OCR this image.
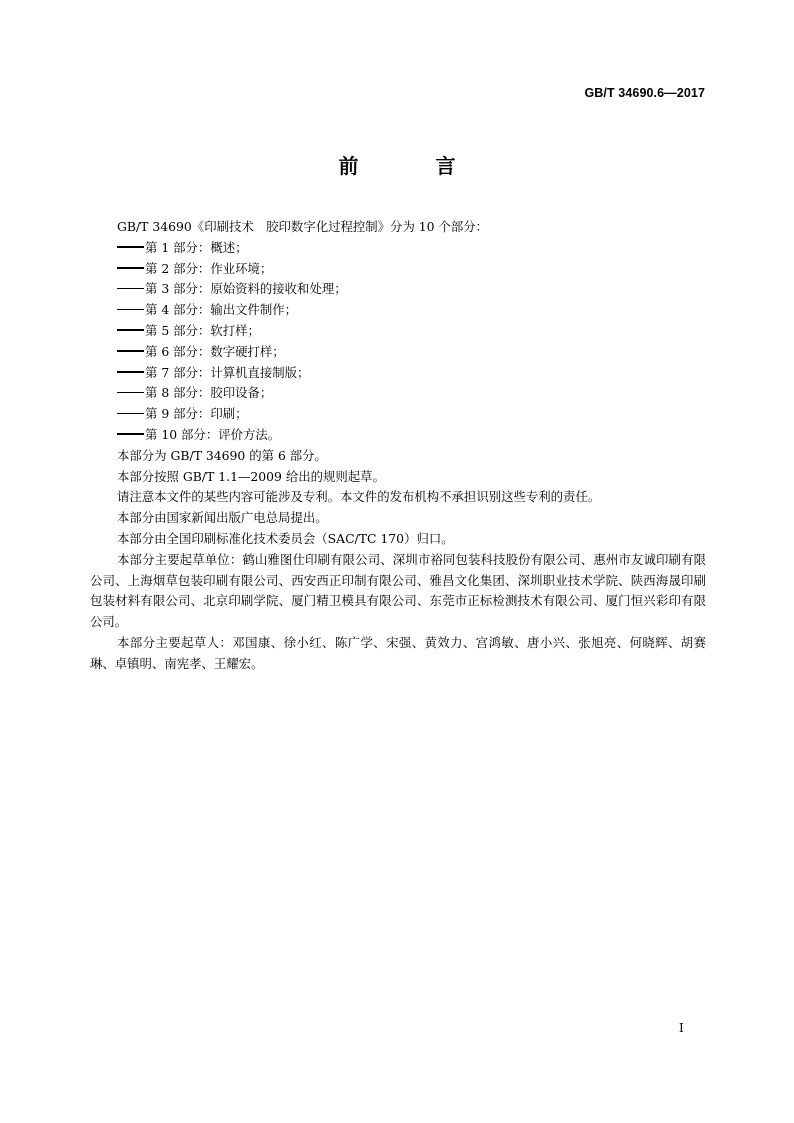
GB/T 34690.6—2017
前 言

GB/T 34690《印刷技术　胶印数字化过程控制》分为 10 个部分：

第 1 部分：概述；

第 2 部分：作业环境；

第 3 部分：原始资料的接收和处理；

第 4 部分：输出文件制作；

第 5 部分：软打样；

第 6 部分：数字硬打样；

第 7 部分：计算机直接制版；

第 8 部分：胶印设备；

第 9 部分：印刷；

第 10 部分：评价方法。

本部分为 GB/T 34690 的第 6 部分。

本部分按照 GB/T 1.1—2009 给出的规则起草。

请注意本文件的某些内容可能涉及专利。本文件的发布机构不承担识别这些专利的责任。

本部分由国家新闻出版广电总局提出。

本部分由全国印刷标准化技术委员会（SAC/TC 170）归口。

本部分主要起草单位：鹤山雅图仕印刷有限公司、深圳市裕同包装科技股份有限公司、惠州市友诚印刷有限公司、上海烟草包装印刷有限公司、西安西正印制有限公司、雅昌文化集团、深圳职业技术学院、陕西海晟印刷包装材料有限公司、北京印刷学院、厦门精卫模具有限公司、东莞市正标检测技术有限公司、厦门恒兴彩印有限公司。

本部分主要起草人：邓国康、徐小红、陈广学、宋强、黄效力、宫鸿敏、唐小兴、张旭亮、何晓辉、胡赛琳、卓镇明、南宪孝、王耀宏。

I
